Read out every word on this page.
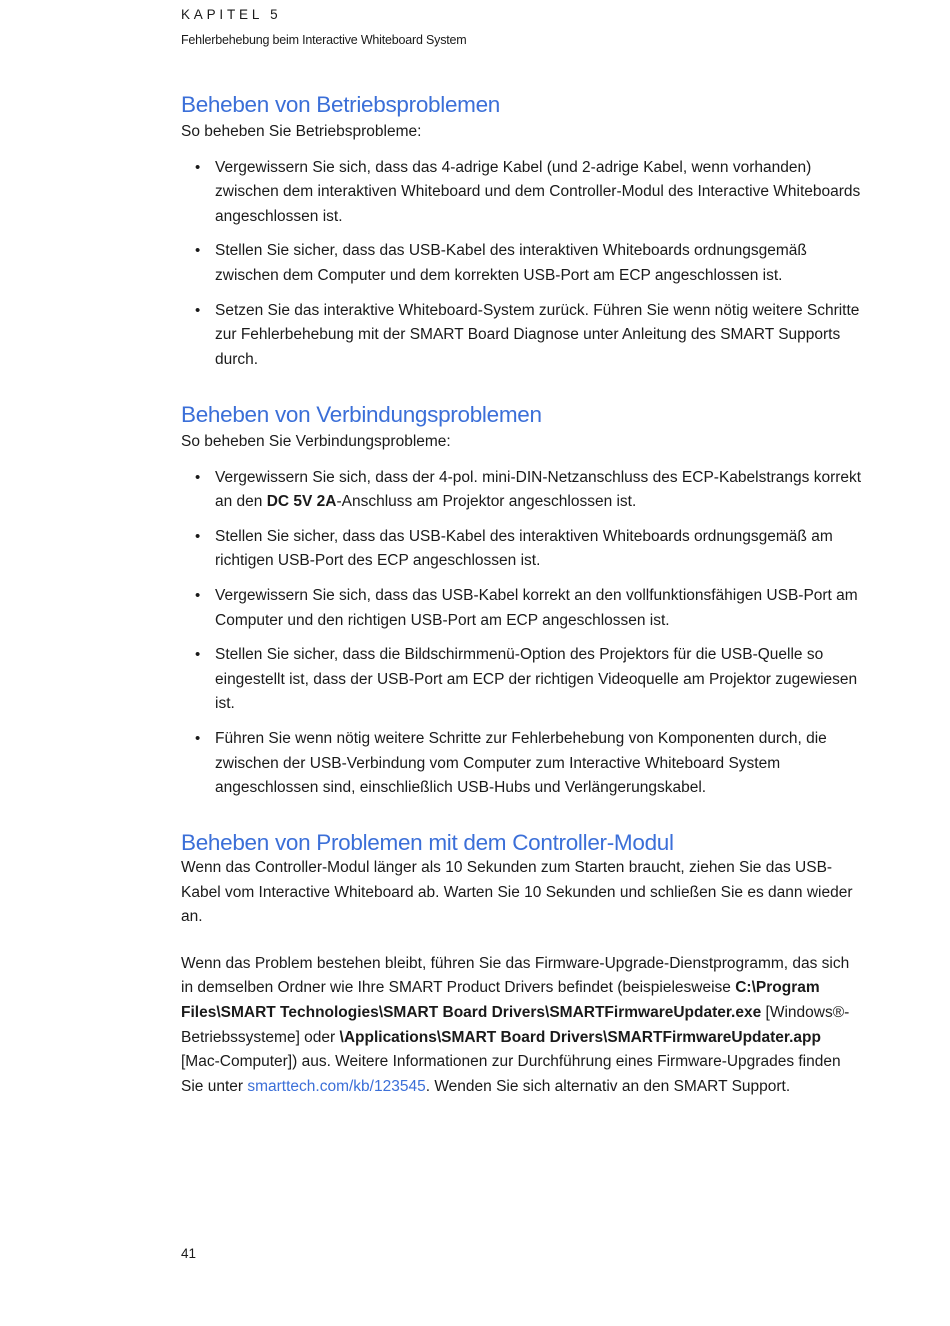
KAPITEL 5
Fehlerbehebung beim Interactive Whiteboard System
Beheben von Betriebsproblemen
So beheben Sie Betriebsprobleme:
• Vergewissern Sie sich, dass das 4-adrige Kabel (und 2-adrige Kabel, wenn vorhanden) zwischen dem interaktiven Whiteboard und dem Controller-Modul des Interactive Whiteboards angeschlossen ist.
• Stellen Sie sicher, dass das USB-Kabel des interaktiven Whiteboards ordnungsgemäß zwischen dem Computer und dem korrekten USB-Port am ECP angeschlossen ist.
• Setzen Sie das interaktive Whiteboard-System zurück. Führen Sie wenn nötig weitere Schritte zur Fehlerbehebung mit der SMART Board Diagnose unter Anleitung des SMART Supports durch.
Beheben von Verbindungsproblemen
So beheben Sie Verbindungsprobleme:
• Vergewissern Sie sich, dass der 4-pol. mini-DIN-Netzanschluss des ECP-Kabelstrangs korrekt an den DC 5V 2A-Anschluss am Projektor angeschlossen ist.
• Stellen Sie sicher, dass das USB-Kabel des interaktiven Whiteboards ordnungsgemäß am richtigen USB-Port des ECP angeschlossen ist.
• Vergewissern Sie sich, dass das USB-Kabel korrekt an den vollfunktionsfähigen USB-Port am Computer und den richtigen USB-Port am ECP angeschlossen ist.
• Stellen Sie sicher, dass die Bildschirmmenü-Option des Projektors für die USB-Quelle so eingestellt ist, dass der USB-Port am ECP der richtigen Videoquelle am Projektor zugewiesen ist.
• Führen Sie wenn nötig weitere Schritte zur Fehlerbehebung von Komponenten durch, die zwischen der USB-Verbindung vom Computer zum Interactive Whiteboard System angeschlossen sind, einschließlich USB-Hubs und Verlängerungskabel.
Beheben von Problemen mit dem Controller-Modul

Wenn das Controller-Modul länger als 10 Sekunden zum Starten braucht, ziehen Sie das USB-Kabel vom Interactive Whiteboard ab. Warten Sie 10 Sekunden und schließen Sie es dann wieder an.

Wenn das Problem bestehen bleibt, führen Sie das Firmware-Upgrade-Dienstprogramm, das sich in demselben Ordner wie Ihre SMART Product Drivers befindet (beispielesweise C:\Program Files\SMART Technologies\SMART Board Drivers\SMARTFirmwareUpdater.exe [Windows®-Betriebssysteme] oder \Applications\SMART Board Drivers\SMARTFirmwareUpdater.app [Mac-Computer]) aus. Weitere Informationen zur Durchführung eines Firmware-Upgrades finden Sie unter smarttech.com/kb/123545. Wenden Sie sich alternativ an den SMART Support.

41
